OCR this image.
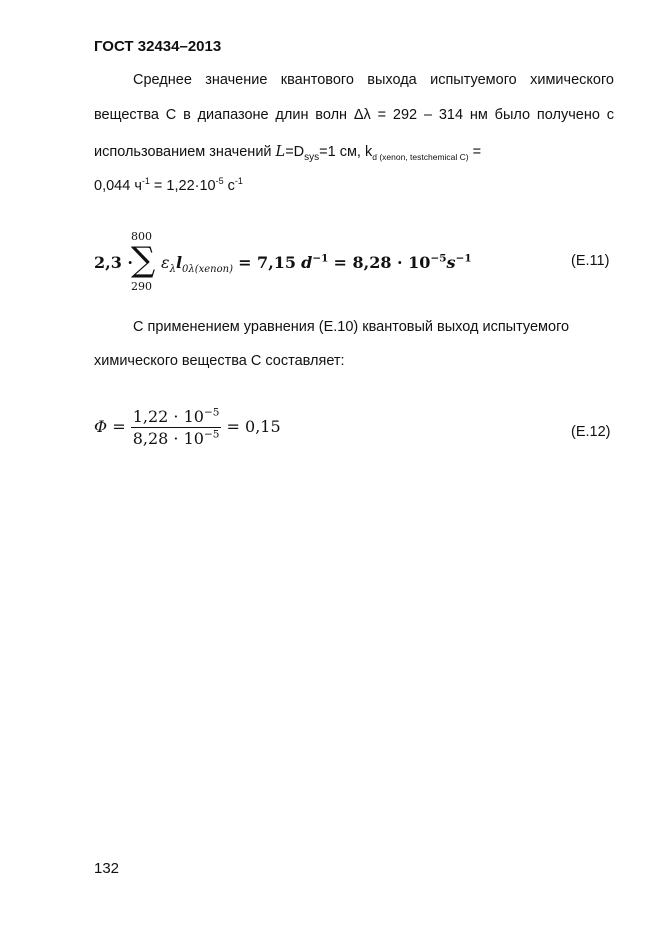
ГОСТ 32434–2013
Среднее значение квантового выхода испытуемого химического
вещества С в диапазоне длин волн Δλ = 292 – 314 нм было получено с
использованием значений $L=D_{sys}=1$ см, $k_{d (xenon, testchemical C)}$ =
0,044 $ч^{-1} = 1,22\cdot 10^{-5}$ $с^{-1}$
2,3 ·
800
∑
290
$\varepsilon_\lambda l_{0\lambda(xenon)} = 7,15$ $d^{-1} = 8,28 \cdot 10^{-5}s^{-1}$	(E.11)
С применением уравнения (Е.10) квантовый выход испытуемого
химического вещества С составляет:
$\Phi = \frac{1,22 \cdot 10^{-5}}{8,28 \cdot 10^{-5}} = 0,15$	(E.12)
132
